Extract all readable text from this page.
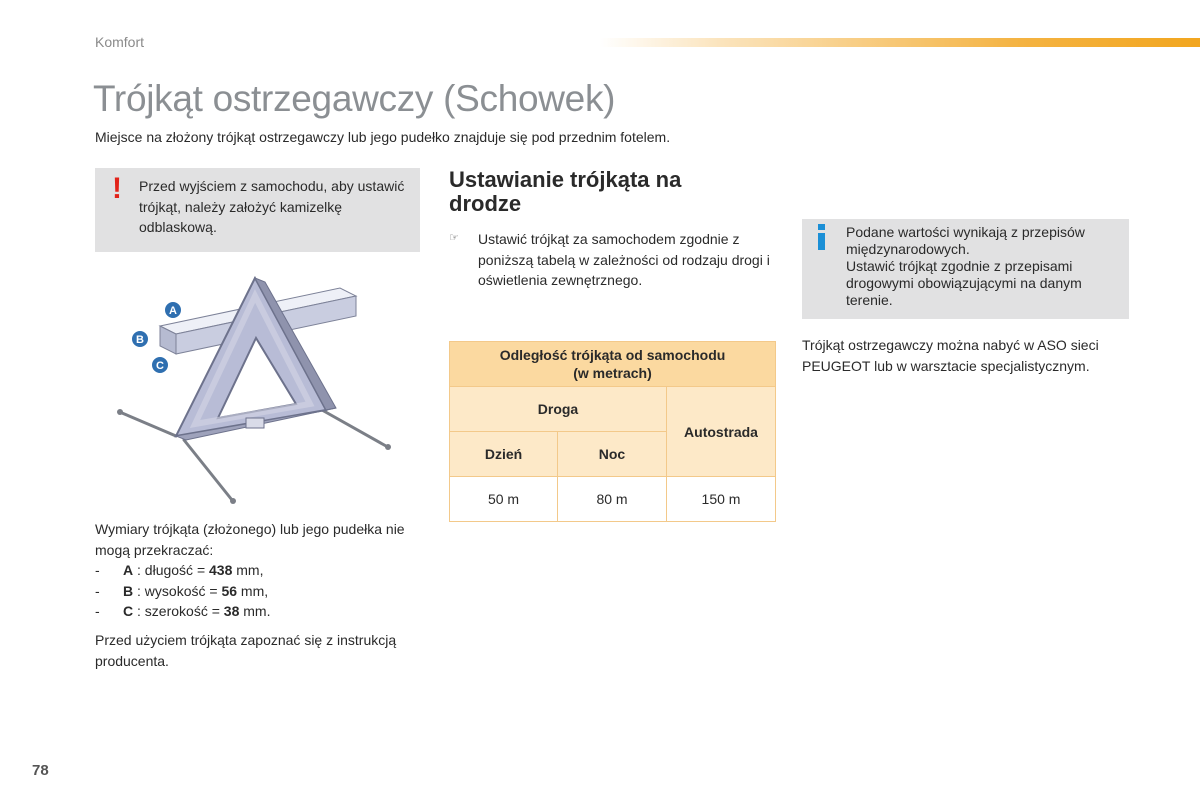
Komfort
Trójkąt ostrzegawczy (Schowek)
Miejsce na złożony trójkąt ostrzegawczy lub jego pudełko znajduje się pod przednim fotelem.
! Przed wyjściem z samochodu, aby ustawić trójkąt, należy założyć kamizelkę odblaskową.
A
B
C
Wymiary trójkąta (złożonego) lub jego pudełka nie mogą przekraczać:
-	A : długość = 438 mm,
-	B : wysokość = 56 mm,
-	C : szerokość = 38 mm.
Przed użyciem trójkąta zapoznać się z instrukcją producenta.
Ustawianie trójkąta na
drodze
☞ Ustawić trójkąt za samochodem zgodnie z poniższą tabelą w zależności od rodzaju drogi i oświetlenia zewnętrznego.
Odległość trójkąta od samochodu
(w metrach)		
Droga		Autostrada
Dzień	Noc	
50 m	80 m	150 m
Podane wartości wynikają z przepisów międzynarodowych.
Ustawić trójkąt zgodnie z przepisami drogowymi obowiązującymi na danym terenie.
Trójkąt ostrzegawczy można nabyć w ASO sieci PEUGEOT lub w warsztacie specjalistycznym.
78
